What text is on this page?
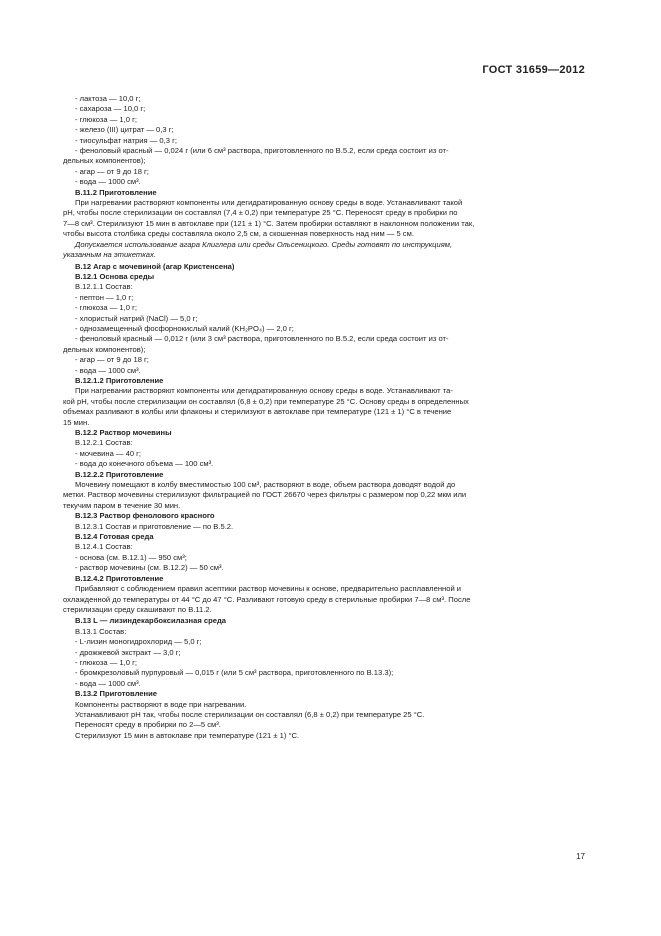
ГОСТ 31659—2012

- лактоза — 10,0 г;

- сахароза — 10,0 г;

- глюкоза — 1,0 г;

- железо (III) цитрат — 0,3 г;

- тиосульфат натрия — 0,3 г;

- феноловый красный — 0,024 г (или 6 см³ раствора, приготовленного по В.5.2, если среда состоит из от-

дельных компонентов);

- агар — от 9 до 18 г;

- вода — 1000 см³.

В.11.2 Приготовление

При нагревании растворяют компоненты или дегидратированную основу среды в воде. Устанавливают такой

рН, чтобы после стерилизации он составлял (7,4 ± 0,2) при температуре 25 °С. Переносят среду в пробирки по

7—8 см³. Стерилизуют 15 мин в автоклаве при (121 ± 1) °С. Затем пробирки оставляют в наклонном положении так,

чтобы высота столбика среды составляла около 2,5 см, а скошенная поверхность над ним — 5 см.

Допускается использование агара Клиглера или среды Ольсеницкого. Среды готовят по инструкциям,

указанным на этикетках.

В.12 Агар с мочевиной (агар Кристенсена)

В.12.1 Основа среды

В.12.1.1 Состав:

- пептон — 1,0 г;

- глюкоза — 1,0 г;

- хлористый натрий (NaCl) — 5,0 г;

- однозамещенный фосфорнокислый калий (KH₂PO₄) — 2,0 г;

- феноловый красный — 0,012 г (или 3 см³ раствора, приготовленного по В.5.2, если среда состоит из от-

дельных компонентов);

- агар — от 9 до 18 г;

- вода — 1000 см³.

В.12.1.2 Приготовление

При нагревании растворяют компоненты или дегидратированную основу среды в воде. Устанавливают та-

кой рН, чтобы после стерилизации он составлял (6,8 ± 0,2) при температуре 25 °С. Основу среды в определенных

объемах разливают в колбы или флаконы и стерилизуют в автоклаве при температуре (121 ± 1) °С в течение

15 мин.

В.12.2 Раствор мочевины

В.12.2.1 Состав:

- мочевина — 40 г;

- вода до конечного объема — 100 см³.

В.12.2.2 Приготовление

Мочевину помещают в колбу вместимостью 100 см³, растворяют в воде, объем раствора доводят водой до

метки. Раствор мочевины стерилизуют фильтрацией по ГОСТ 26670 через фильтры с размером пор 0,22 мкм или

текучим паром в течение 30 мин.

В.12.3 Раствор фенолового красного

В.12.3.1 Состав и приготовление — по В.5.2.

В.12.4 Готовая среда

В.12.4.1 Состав:

- основа (см. В.12.1) — 950 см³;

- раствор мочевины (см. В.12.2) — 50 см³.

В.12.4.2 Приготовление

Прибавляют с соблюдением правил асептики раствор мочевины к основе, предварительно расплавленной и

охлажденной до температуры от 44 °С до 47 °С. Разливают готовую среду в стерильные пробирки 7—8 см³. После

стерилизации среду скашивают по В.11.2.

В.13 L — лизиндекарбоксилазная среда

В.13.1 Состав:

- L-лизин моногидрохлорид — 5,0 г;

- дрожжевой экстракт — 3,0 г;

- глюкоза — 1,0 г;

- бромкрезоловый пурпуровый — 0,015 г (или 5 см³ раствора, приготовленного по В.13.3);

- вода — 1000 см³.

В.13.2 Приготовление

Компоненты растворяют в воде при нагревании.

Устанавливают рН так, чтобы после стерилизации он составлял (6,8 ± 0,2) при температуре 25 °С.

Переносят среду в пробирки по 2—5 см³.

Стерилизуют 15 мин в автоклаве при температуре (121 ± 1) °С.

17
